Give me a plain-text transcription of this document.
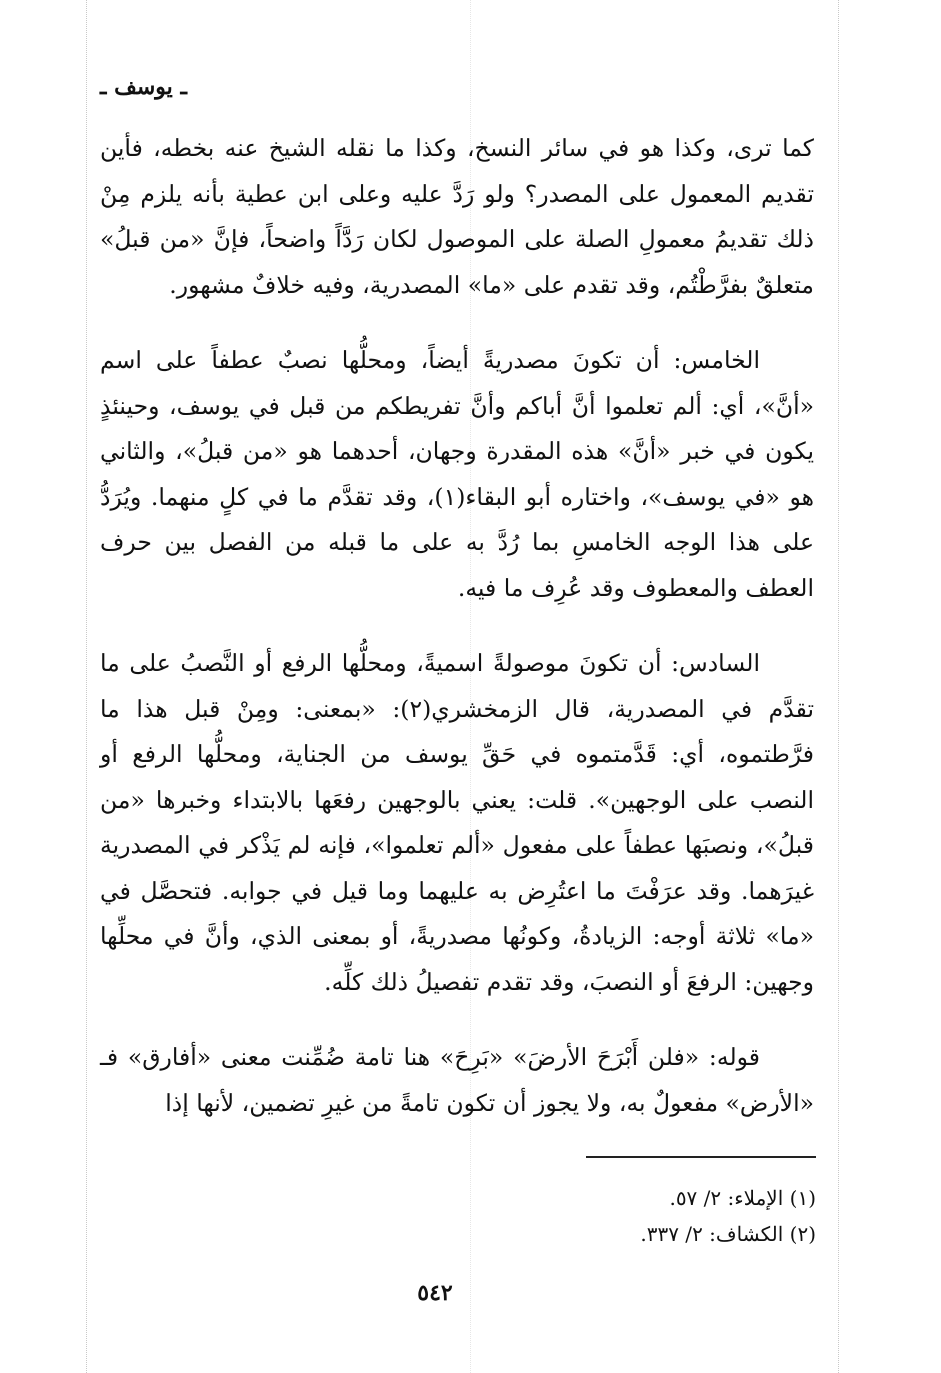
ـ يوسف ـ

كما ترى، وكذا هو في سائر النسخ، وكذا ما نقله الشيخ عنه بخطه، فأين تقديم المعمول على المصدر؟ ولو رَدَّ عليه وعلى ابن عطية بأنه يلزم مِنْ ذلك تقديمُ معمولِ الصلة على الموصول لكان رَدَّاً واضحاً، فإنَّ «من قبلُ» متعلقٌ بفرَّطْتُم، وقد تقدم على «ما» المصدرية، وفيه خلافٌ مشهور.

الخامس: أن تكونَ مصدريةً أيضاً، ومحلُّها نصبٌ عطفاً على اسم «أنَّ»، أي: ألم تعلموا أنَّ أباكم وأنَّ تفريطكم من قبل في يوسف، وحينئذٍ يكون في خبر «أنَّ» هذه المقدرة وجهان، أحدهما هو «من قبلُ»، والثاني هو «في يوسف»، واختاره أبو البقاء(١)، وقد تقدَّم ما في كلٍ منهما. ويُرَدُّ على هذا الوجه الخامسِ بما رُدَّ به على ما قبله من الفصل بين حرف العطف والمعطوف وقد عُرِف ما فيه.

السادس: أن تكونَ موصولةً اسميةً، ومحلُّها الرفع أو النَّصبُ على ما تقدَّم في المصدرية، قال الزمخشري(٢): «بمعنى: ومِنْ قبل هذا ما فرَّطتموه، أي: قَدَّمتموه في حَقِّ يوسف من الجناية، ومحلُّها الرفع أو النصب على الوجهين». قلت: يعني بالوجهين رفعَها بالابتداء وخبرها «من قبلُ»، ونصبَها عطفاً على مفعول «ألم تعلموا»، فإنه لم يَذْكر في المصدرية غيرَهما. وقد عرَفْتَ ما اعتُرِض به عليهما وما قيل في جوابه. فتحصَّل في «ما» ثلاثة أوجه: الزيادةُ، وكونُها مصدريةً، أو بمعنى الذي، وأنَّ في محلِّها وجهين: الرفعَ أو النصبَ، وقد تقدم تفصيلُ ذلك كلِّه.

قوله: «فلن أَبْرَحَ الأرضَ» «بَرِحَ» هنا تامة ضُمِّنت معنى «أفارق» فـ «الأرض» مفعولٌ به، ولا يجوز أن تكون تامةً من غيرِ تضمين، لأنها إذا

(١) الإملاء: ٢/ ٥٧.
(٢) الكشاف: ٢/ ٣٣٧.
٥٤٢
